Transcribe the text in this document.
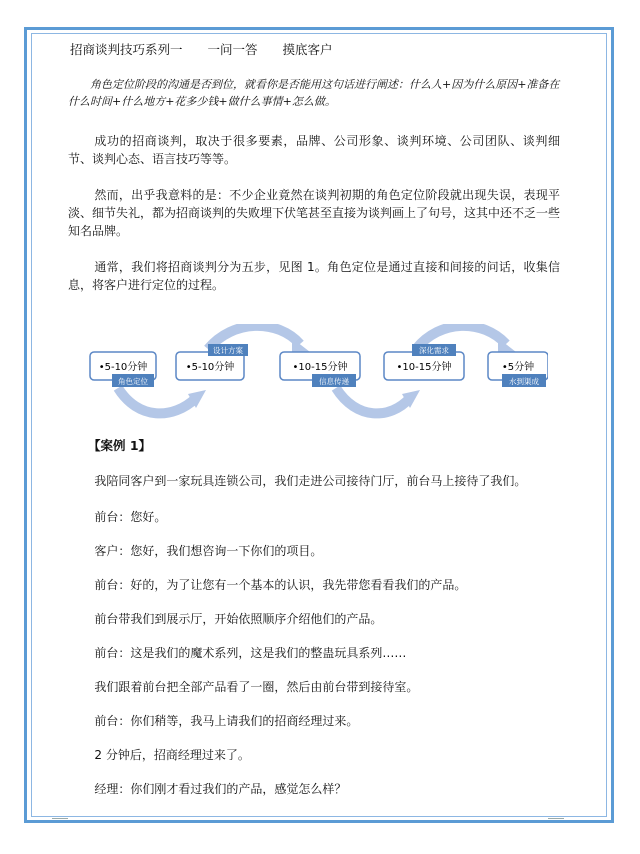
招商谈判技巧系列一　　一问一答　　摸底客户
角色定位阶段的沟通是否到位，就看你是否能用这句话进行阐述：什么人+因为什么原因+准备在什么时间+什么地方+花多少钱+做什么事情+怎么做。

成功的招商谈判，取决于很多要素，品牌、公司形象、谈判环境、公司团队、谈判细节、谈判心态、语言技巧等等。

然而，出乎我意料的是：不少企业竟然在谈判初期的角色定位阶段就出现失误，表现平淡、细节失礼，都为招商谈判的失败埋下伏笔甚至直接为谈判画上了句号，这其中还不乏一些知名品牌。

通常，我们将招商谈判分为五步，见图 1。角色定位是通过直接和间接的问话，收集信息，将客户进行定位的过程。

•5-10分钟
角色定位
•5-10分钟
设计方案
•10-15分钟
信息传递
•10-15分钟
深化需求
•5分钟
水到渠成
【案例 1】

我陪同客户到一家玩具连锁公司，我们走进公司接待门厅，前台马上接待了我们。

前台：您好。

客户：您好，我们想咨询一下你们的项目。

前台：好的，为了让您有一个基本的认识，我先带您看看我们的产品。

前台带我们到展示厅，开始依照顺序介绍他们的产品。

前台：这是我们的魔术系列，这是我们的整蛊玩具系列……

我们跟着前台把全部产品看了一圈，然后由前台带到接待室。

前台：你们稍等，我马上请我们的招商经理过来。

2 分钟后，招商经理过来了。

经理：你们刚才看过我们的产品，感觉怎么样？
